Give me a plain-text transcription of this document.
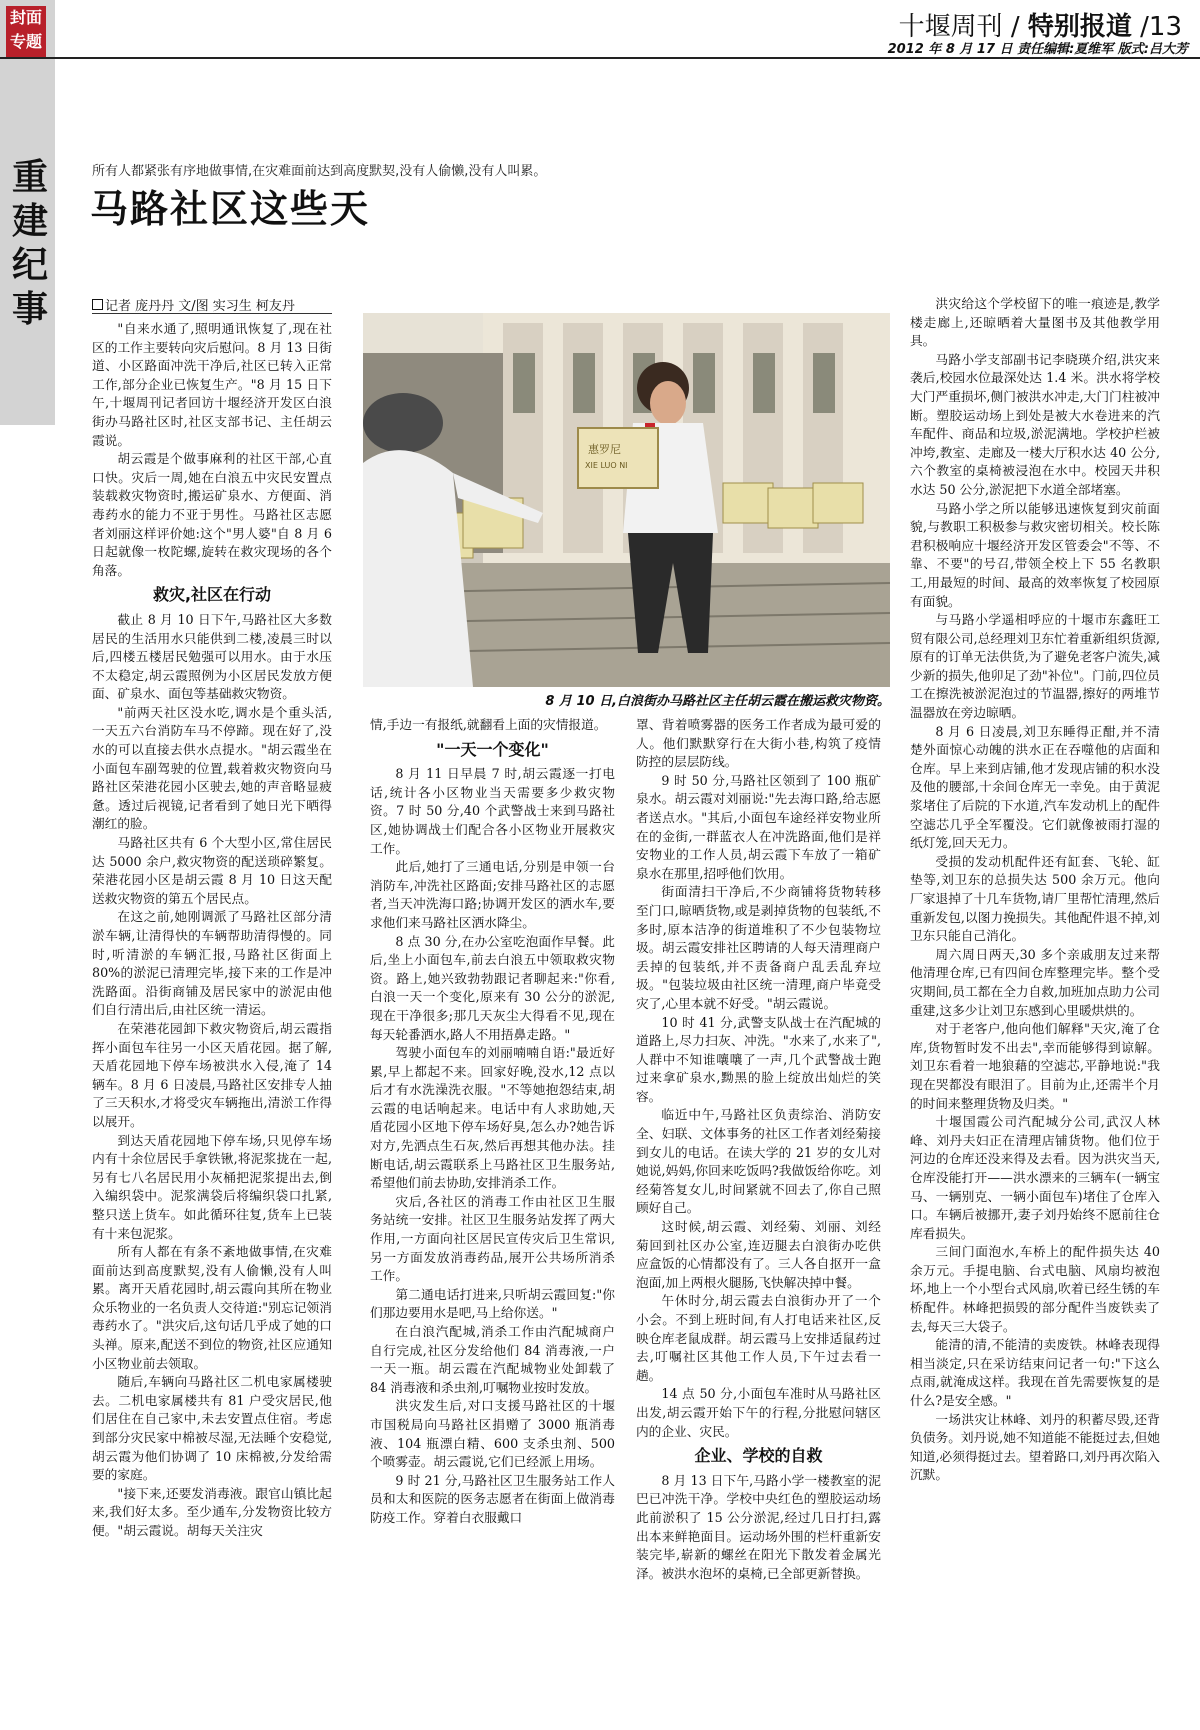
封面
专题
重
建
纪
事
十堰周刊 / 特别报道 /13
2012 年 8 月 17 日 责任编辑:夏维军 版式:吕大芳
所有人都紧张有序地做事情,在灾难面前达到高度默契,没有人偷懒,没有人叫累。
马路社区这些天
记者 庞丹丹 文/图 实习生 柯友丹

"自来水通了,照明通讯恢复了,现在社区的工作主要转向灾后慰问。8 月 13 日街道、小区路面冲洗干净后,社区已转入正常工作,部分企业已恢复生产。"8 月 15 日下午,十堰周刊记者回访十堰经济开发区白浪街办马路社区时,社区支部书记、主任胡云霞说。

胡云霞是个做事麻利的社区干部,心直口快。灾后一周,她在白浪五中灾民安置点装载救灾物资时,搬运矿泉水、方便面、消毒药水的能力不亚于男性。马路社区志愿者刘丽这样评价她:这个"男人婆"自 8 月 6 日起就像一枚陀螺,旋转在救灾现场的各个角落。

救灾,社区在行动

截止 8 月 10 日下午,马路社区大多数居民的生活用水只能供到二楼,凌晨三时以后,四楼五楼居民勉强可以用水。由于水压不太稳定,胡云霞照例为小区居民发放方便面、矿泉水、面包等基础救灾物资。

"前两天社区没水吃,调水是个重头活,一天五六台消防车马不停蹄。现在好了,没水的可以直接去供水点提水。"胡云霞坐在小面包车副驾驶的位置,载着救灾物资向马路社区荣港花园小区驶去,她的声音略显疲惫。透过后视镜,记者看到了她日光下晒得潮红的脸。

马路社区共有 6 个大型小区,常住居民达 5000 余户,救灾物资的配送琐碎繁复。荣港花园小区是胡云霞 8 月 10 日这天配送救灾物资的第五个居民点。

在这之前,她刚调派了马路社区部分清淤车辆,让清得快的车辆帮助清得慢的。同时,听清淤的车辆汇报,马路社区街面上 80%的淤泥已清理完毕,接下来的工作是冲洗路面。沿街商铺及居民家中的淤泥由他们自行清出后,由社区统一清运。

在荣港花园卸下救灾物资后,胡云霞指挥小面包车往另一小区天盾花园。据了解,天盾花园地下停车场被洪水入侵,淹了 14 辆车。8 月 6 日凌晨,马路社区安排专人抽了三天积水,才将受灾车辆拖出,清淤工作得以展开。

到达天盾花园地下停车场,只见停车场内有十余位居民手拿铁锹,将泥浆拢在一起,另有七八名居民用小灰桶把泥浆提出去,倒入编织袋中。泥浆满袋后将编织袋口扎紧,整只送上货车。如此循环往复,货车上已装有十来包泥浆。

所有人都在有条不紊地做事情,在灾难面前达到高度默契,没有人偷懒,没有人叫累。离开天盾花园时,胡云霞向其所在物业众乐物业的一名负责人交待道:"别忘记领消毒药水了。"洪灾后,这句话几乎成了她的口头禅。原来,配送不到位的物资,社区应通知小区物业前去领取。

随后,车辆向马路社区二机电家属楼驶去。二机电家属楼共有 81 户受灾居民,他们居住在自己家中,未去安置点住宿。考虑到部分灾民家中棉被尽湿,无法睡个安稳觉,胡云霞为他们协调了 10 床棉被,分发给需要的家庭。

"接下来,还要发消毒液。跟官山镇比起来,我们好太多。至少通车,分发物资比较方便。"胡云霞说。胡每天关注灾

惠罗尼
XIE LUO NI
8 月 10 日,白浪街办马路社区主任胡云霞在搬运救灾物资。

情,手边一有报纸,就翻看上面的灾情报道。

"一天一个变化"

8 月 11 日早晨 7 时,胡云霞逐一打电话,统计各小区物业当天需要多少救灾物资。7 时 50 分,40 个武警战士来到马路社区,她协调战士们配合各小区物业开展救灾工作。

此后,她打了三通电话,分别是申领一台消防车,冲洗社区路面;安排马路社区的志愿者,当天冲洗海口路;协调开发区的洒水车,要求他们来马路社区洒水降尘。

8 点 30 分,在办公室吃泡面作早餐。此后,坐上小面包车,前去白浪五中领取救灾物资。路上,她兴致勃勃跟记者聊起来:"你看,白浪一天一个变化,原来有 30 公分的淤泥,现在干净很多;那几天灰尘大得看不见,现在每天轮番洒水,路人不用捂鼻走路。"

驾驶小面包车的刘丽喃喃自语:"最近好累,早上都起不来。回家好晚,没水,12 点以后才有水洗澡洗衣服。"不等她抱怨结束,胡云霞的电话响起来。电话中有人求助她,天盾花园小区地下停车场好臭,怎么办?她告诉对方,先洒点生石灰,然后再想其他办法。挂断电话,胡云霞联系上马路社区卫生服务站,希望他们前去协助,安排消杀工作。

灾后,各社区的消毒工作由社区卫生服务站统一安排。社区卫生服务站发挥了两大作用,一方面向社区居民宣传灾后卫生常识,另一方面发放消毒药品,展开公共场所消杀工作。

第二通电话打进来,只听胡云霞回复:"你们那边要用水是吧,马上给你送。"

在白浪汽配城,消杀工作由汽配城商户自行完成,社区分发给他们 84 消毒液,一户一天一瓶。胡云霞在汽配城物业处卸载了 84 消毒液和杀虫剂,叮嘱物业按时发放。

洪灾发生后,对口支援马路社区的十堰市国税局向马路社区捐赠了 3000 瓶消毒液、104 瓶漂白精、600 支杀虫剂、500 个喷雾壶。胡云霞说,它们已经派上用场。

9 时 21 分,马路社区卫生服务站工作人员和太和医院的医务志愿者在街面上做消毒防疫工作。穿着白衣服戴口

罩、背着喷雾器的医务工作者成为最可爱的人。他们默默穿行在大街小巷,构筑了疫情防控的层层防线。

9 时 50 分,马路社区领到了 100 瓶矿泉水。胡云霞对刘丽说:"先去海口路,给志愿者送点水。"其后,小面包车途经祥安物业所在的金街,一群蓝衣人在冲洗路面,他们是祥安物业的工作人员,胡云霞下车放了一箱矿泉水在那里,招呼他们饮用。

街面清扫干净后,不少商铺将货物转移至门口,晾晒货物,或是剥掉货物的包装纸,不多时,原本洁净的街道堆积了不少包装物垃圾。胡云霞安排社区聘请的人每天清理商户丢掉的包装纸,并不责备商户乱丢乱弃垃圾。"包装垃圾由社区统一清理,商户毕竟受灾了,心里本就不好受。"胡云霞说。

10 时 41 分,武警支队战士在汽配城的道路上,尽力扫灰、冲洗。"水来了,水来了",人群中不知谁嚷嚷了一声,几个武警战士跑过来拿矿泉水,黝黑的脸上绽放出灿烂的笑容。

临近中午,马路社区负责综治、消防安全、妇联、文体事务的社区工作者刘经菊接到女儿的电话。在读大学的 21 岁的女儿对她说,妈妈,你回来吃饭吗?我做饭给你吃。刘经菊答复女儿,时间紧就不回去了,你自己照顾好自己。

这时候,胡云霞、刘经菊、刘丽、刘经菊回到社区办公室,连迈腿去白浪街办吃供应盒饭的心情都没有了。三人各自抠开一盒泡面,加上两根火腿肠,飞快解决掉中餐。

午休时分,胡云霞去白浪街办开了一个小会。不到上班时间,有人打电话来社区,反映仓库老鼠成群。胡云霞马上安排适鼠药过去,叮嘱社区其他工作人员,下午过去看一趟。

14 点 50 分,小面包车准时从马路社区出发,胡云霞开始下午的行程,分批慰问辖区内的企业、灾民。

企业、学校的自救

8 月 13 日下午,马路小学一楼教室的泥巴已冲洗干净。学校中央红色的塑胶运动场此前淤积了 15 公分淤泥,经过几日打扫,露出本来鲜艳面目。运动场外围的栏杆重新安装完毕,崭新的螺丝在阳光下散发着金属光泽。被洪水泡坏的桌椅,已全部更新替换。

洪灾给这个学校留下的唯一痕迹是,教学楼走廊上,还晾晒着大量图书及其他教学用具。

马路小学支部副书记李晓瑛介绍,洪灾来袭后,校园水位最深处达 1.4 米。洪水将学校大门严重损坏,侧门被洪水冲走,大门门柱被冲断。塑胶运动场上到处是被大水卷进来的汽车配件、商品和垃圾,淤泥满地。学校护栏被冲垮,教室、走廊及一楼大厅积水达 40 公分,六个教室的桌椅被浸泡在水中。校园天井积水达 50 公分,淤泥把下水道全部堵塞。

马路小学之所以能够迅速恢复到灾前面貌,与教职工积极参与救灾密切相关。校长陈君积极响应十堰经济开发区管委会"不等、不靠、不要"的号召,带领全校上下 55 名教职工,用最短的时间、最高的效率恢复了校园原有面貌。

与马路小学遥相呼应的十堰市东鑫旺工贸有限公司,总经理刘卫东忙着重新组织货源,原有的订单无法供货,为了避免老客户流失,减少新的损失,他卯足了劲"补位"。门前,四位员工在擦洗被淤泥泡过的节温器,擦好的两堆节温器放在旁边晾晒。

8 月 6 日凌晨,刘卫东睡得正酣,并不清楚外面惊心动魄的洪水正在吞噬他的店面和仓库。早上来到店铺,他才发现店铺的积水没及他的腰部,十余间仓库无一幸免。由于黄泥浆堵住了后院的下水道,汽车发动机上的配件空滤芯几乎全军覆没。它们就像被雨打湿的纸灯笼,回天无力。

受损的发动机配件还有缸套、飞轮、缸垫等,刘卫东的总损失达 500 余万元。他向厂家退掉了十几车货物,请厂里帮忙清理,然后重新发包,以图力挽损失。其他配件退不掉,刘卫东只能自己消化。

周六周日两天,30 多个亲戚朋友过来帮他清理仓库,已有四间仓库整理完毕。整个受灾期间,员工都在全力自救,加班加点助力公司重建,这多少让刘卫东感到心里暖烘烘的。

对于老客户,他向他们解释"天灾,淹了仓库,货物暂时发不出去",幸而能够得到谅解。刘卫东看着一地狼藉的空滤芯,平静地说:"我现在哭都没有眼泪了。目前为止,还需半个月的时间来整理货物及归类。"

十堰国霞公司汽配城分公司,武汉人林峰、刘丹夫妇正在清理店铺货物。他们位于河边的仓库还没来得及去看。因为洪灾当天,仓库没能打开——洪水漂来的三辆车(一辆宝马、一辆别克、一辆小面包车)堵住了仓库入口。车辆后被挪开,妻子刘丹始终不愿前往仓库看损失。

三间门面泡水,车桥上的配件损失达 40 余万元。手提电脑、台式电脑、风扇均被泡坏,地上一个小型台式风扇,吹着已经生锈的车桥配件。林峰把损毁的部分配件当废铁卖了去,每天三大袋子。

能清的清,不能清的卖废铁。林峰表现得相当淡定,只在采访结束问记者一句:"下这么点雨,就淹成这样。我现在首先需要恢复的是什么?是安全感。"

一场洪灾让林峰、刘丹的积蓄尽毁,还背负债务。刘丹说,她不知道能不能挺过去,但她知道,必须得挺过去。望着路口,刘丹再次陷入沉默。
